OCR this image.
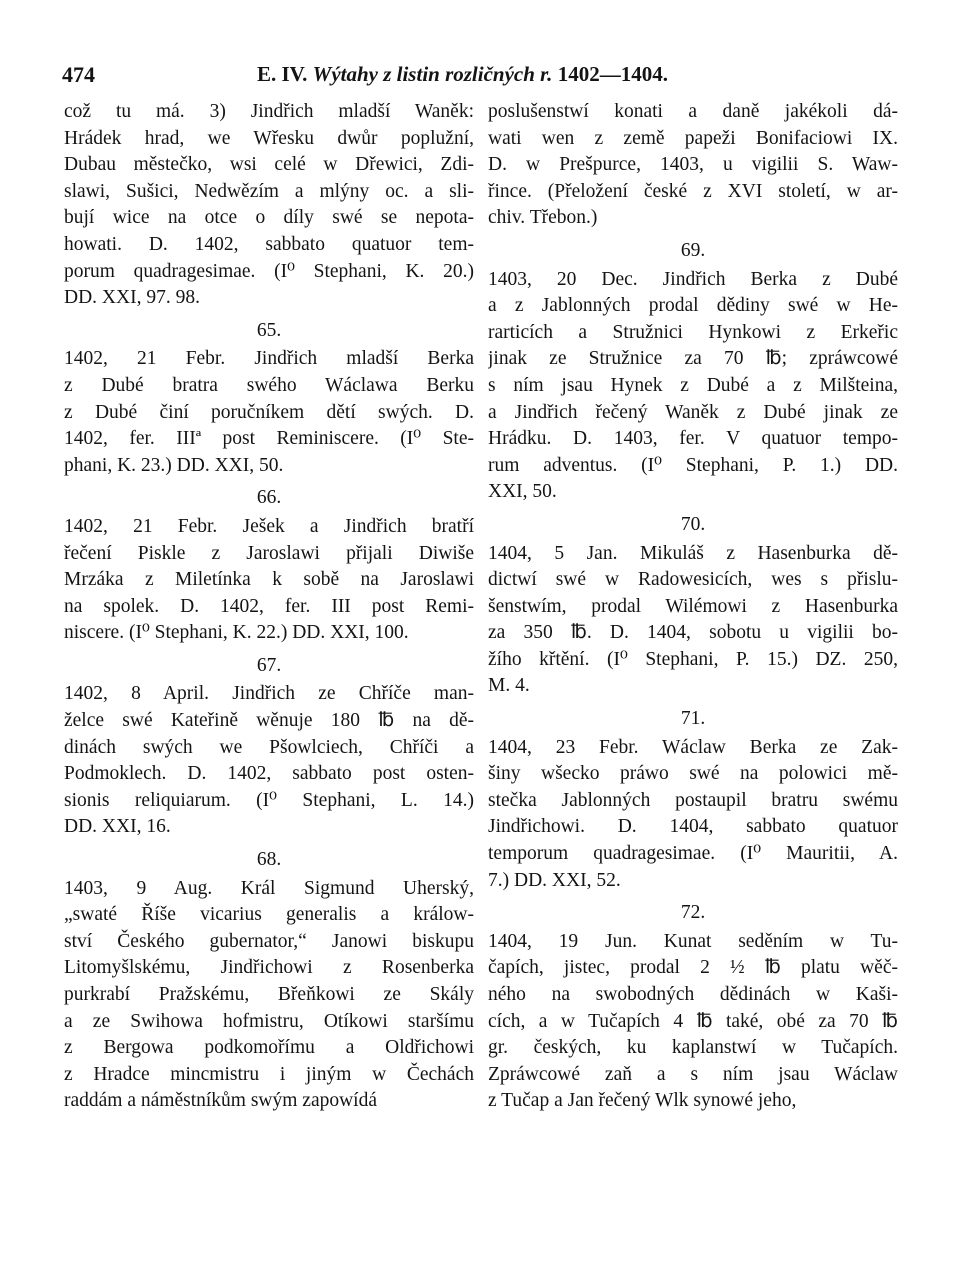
474	E. IV. Wýtahy z listin rozličných r. 1402—1404.
což tu má. 3) Jindřich mladší Waněk:
Hrádek hrad, we Wřesku dwůr poplužní,
Dubau městečko, wsi celé w Dřewici, Zdi-
slawi, Sušici, Nedwězím a mlýny oc. a sli-
bují wice na otce o díly swé se nepota-
howati. D. 1402, sabbato quatuor tem-
porum quadragesimae. (I⁰ Stephani, K. 20.)
DD. XXI, 97. 98.
65.
1402, 21 Febr. Jindřich mladší Berka
z Dubé bratra swého Wáclawa Berku
z Dubé činí poručníkem dětí swých. D.
1402, fer. IIIª post Reminiscere. (I⁰ Ste-
phani, K. 23.) DD. XXI, 50.
66.
1402, 21 Febr. Ješek a Jindřich bratří
řečení Piskle z Jaroslawi přijali Diwiše
Mrzáka z Miletínka k sobě na Jaroslawi
na spolek. D. 1402, fer. III post Remi-
niscere. (I⁰ Stephani, K. 22.) DD. XXI, 100.
67.
1402, 8 April. Jindřich ze Chříče man-
želce swé Kateřině wěnuje 180 ℔ na dě-
dinách swých we Pšowlciech, Chříči a
Podmoklech. D. 1402, sabbato post osten-
sionis reliquiarum. (I⁰ Stephani, L. 14.)
DD. XXI, 16.
68.
1403, 9 Aug. Král Sigmund Uherský,
„swaté Říše vicarius generalis a králow-
ství Českého gubernator,“ Janowi biskupu
Litomyšlskému, Jindřichowi z Rosenberka
purkrabí Pražskému, Břeňkowi ze Skály
a ze Swihowa hofmistru, Otíkowi staršímu
z Bergowa podkomořímu a Oldřichowi
z Hradce mincmistru i jiným w Čechách
raddám a náměstníkům swým zapowídá
poslušenstwí konati a daně jakékoli dá-
wati wen z země papeži Bonifaciowi IX.
D. w Prešpurce, 1403, u vigilii S. Waw-
řince. (Přeložení české z XVI století, w ar-
chiv. Třebon.)
69.
1403, 20 Dec. Jindřich Berka z Dubé
a z Jablonných prodal dědiny swé w He-
rarticích a Stružnici Hynkowi z Erkeřic
jinak ze Stružnice za 70 ℔; zpráwcowé
s ním jsau Hynek z Dubé a z Milšteina,
a Jindřich řečený Waněk z Dubé jinak ze
Hrádku. D. 1403, fer. V quatuor tempo-
rum adventus. (I⁰ Stephani, P. 1.) DD.
XXI, 50.
70.
1404, 5 Jan. Mikuláš z Hasenburka dě-
dictwí swé w Radowesicích, wes s přislu-
šenstwím, prodal Wilémowi z Hasenburka
za 350 ℔. D. 1404, sobotu u vigilii bo-
žího křtění. (I⁰ Stephani, P. 15.) DZ. 250,
M. 4.
71.
1404, 23 Febr. Wáclaw Berka ze Zak-
šiny wšecko práwo swé na polowici mě-
stečka Jablonných postaupil bratru swému
Jindřichowi. D. 1404, sabbato quatuor
temporum quadragesimae. (I⁰ Mauritii, A.
7.) DD. XXI, 52.
72.
1404, 19 Jun. Kunat seděním w Tu-
čapích, jistec, prodal 2 ½ ℔ platu wěč-
ného na swobodných dědinách w Kaši-
cích, a w Tučapích 4 ℔ také, obé za 70 ℔
gr. českých, ku kaplanstwí w Tučapích.
Zpráwcowé zaň a s ním jsau Wáclaw
z Tučap a Jan řečený Wlk synowé jeho,
